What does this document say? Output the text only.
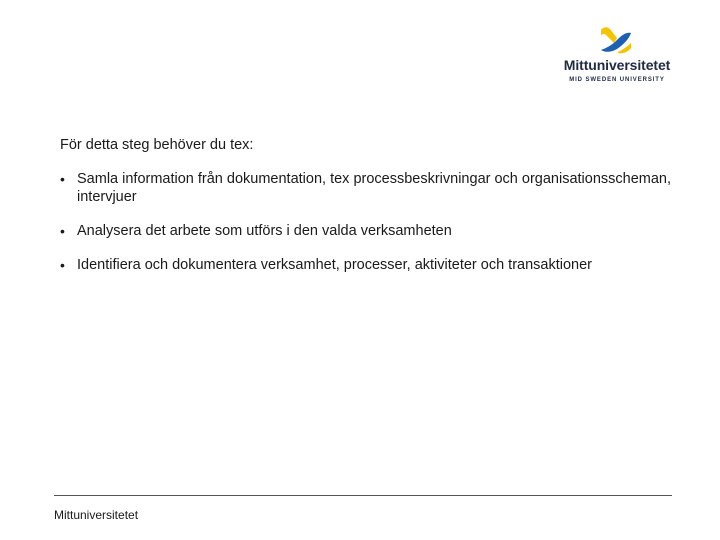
Mittuniversitetet
MID SWEDEN UNIVERSITY

För detta steg behöver du tex:

• Samla information från dokumentation, tex processbeskrivningar och organisationsscheman, intervjuer
• Analysera det arbete som utförs i den valda verksamheten
• Identifiera och dokumentera verksamhet, processer, aktiviteter och transaktioner
Mittuniversitetet
